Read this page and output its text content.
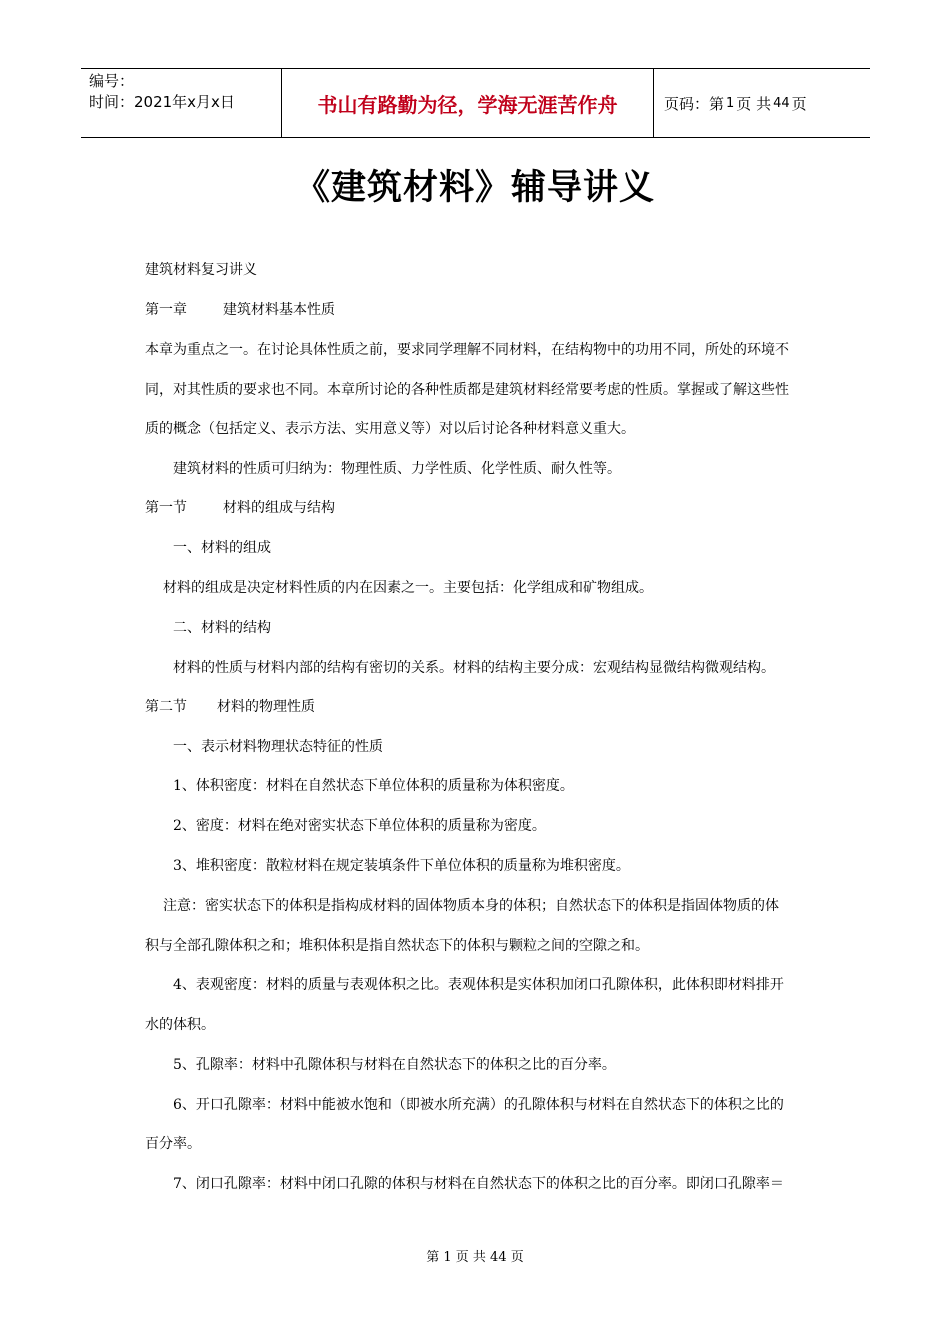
编号：
时间：2021年x月x日	书山有路勤为径，学海无涯苦作舟	页码：第 1 页 共 44 页
《建筑材料》辅导讲义
建筑材料复习讲义
第一章	建筑材料基本性质
本章为重点之一。在讨论具体性质之前，要求同学理解不同材料，在结构物中的功用不同，所处的环境不
同，对其性质的要求也不同。本章所讨论的各种性质都是建筑材料经常要考虑的性质。掌握或了解这些性
质的概念（包括定义、表示方法、实用意义等）对以后讨论各种材料意义重大。
建筑材料的性质可归纳为：物理性质、力学性质、化学性质、耐久性等。
第一节	材料的组成与结构
一、材料的组成
材料的组成是决定材料性质的内在因素之一。主要包括：化学组成和矿物组成。
二、材料的结构
材料的性质与材料内部的结构有密切的关系。材料的结构主要分成：宏观结构显微结构微观结构。
第二节 材料的物理性质
一、表示材料物理状态特征的性质
1、体积密度：材料在自然状态下单位体积的质量称为体积密度。
2、密度：材料在绝对密实状态下单位体积的质量称为密度。
3、堆积密度：散粒材料在规定装填条件下单位体积的质量称为堆积密度。
注意：密实状态下的体积是指构成材料的固体物质本身的体积；自然状态下的体积是指固体物质的体
积与全部孔隙体积之和；堆积体积是指自然状态下的体积与颗粒之间的空隙之和。
4、表观密度：材料的质量与表观体积之比。表观体积是实体积加闭口孔隙体积，此体积即材料排开
水的体积。
5、孔隙率：材料中孔隙体积与材料在自然状态下的体积之比的百分率。
6、开口孔隙率：材料中能被水饱和（即被水所充满）的孔隙体积与材料在自然状态下的体积之比的
百分率。
7、闭口孔隙率：材料中闭口孔隙的体积与材料在自然状态下的体积之比的百分率。即闭口孔隙率＝
第 1 页 共 44 页
